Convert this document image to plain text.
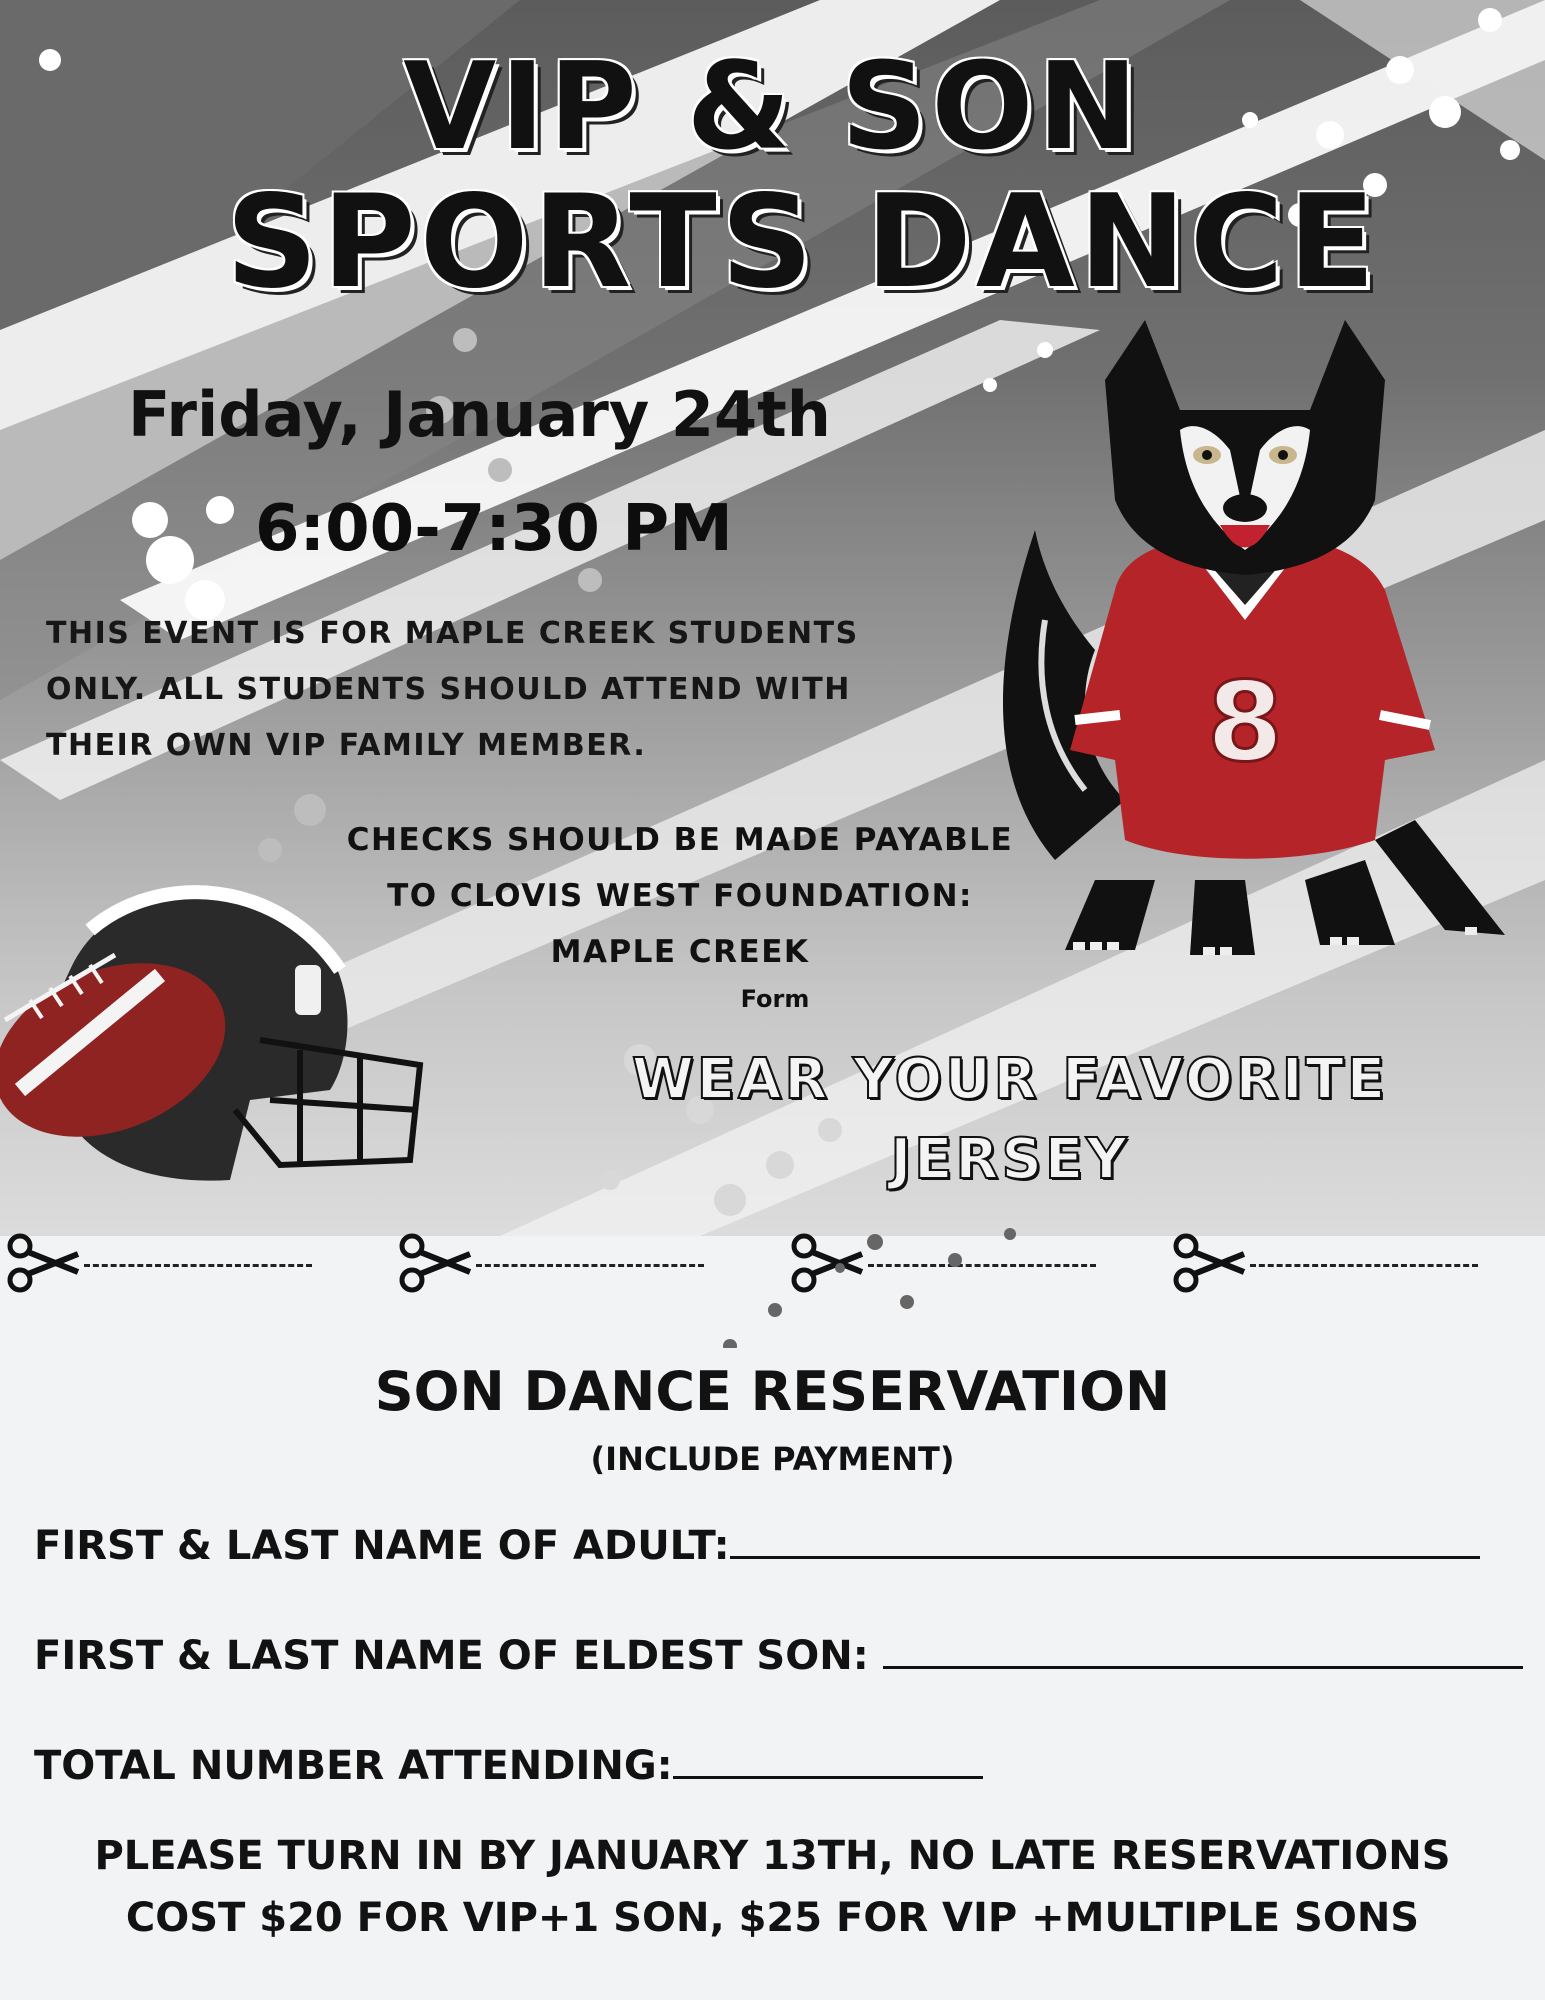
VIP & SON
SPORTS DANCE
Friday, January 24th
6:00-7:30 PM
THIS EVENT IS FOR MAPLE CREEK STUDENTS ONLY. ALL STUDENTS SHOULD ATTEND WITH THEIR OWN VIP FAMILY MEMBER.
CHECKS SHOULD BE MADE PAYABLE
TO CLOVIS WEST FOUNDATION:
MAPLE CREEK
Form
WEAR YOUR FAVORITE
JERSEY
8
SON DANCE RESERVATION
(INCLUDE PAYMENT)
FIRST & LAST NAME OF ADULT:
FIRST & LAST NAME OF ELDEST SON:
TOTAL NUMBER ATTENDING:
PLEASE TURN IN BY JANUARY 13TH, NO LATE RESERVATIONS
COST $20 FOR VIP+1 SON, $25 FOR VIP +MULTIPLE SONS
